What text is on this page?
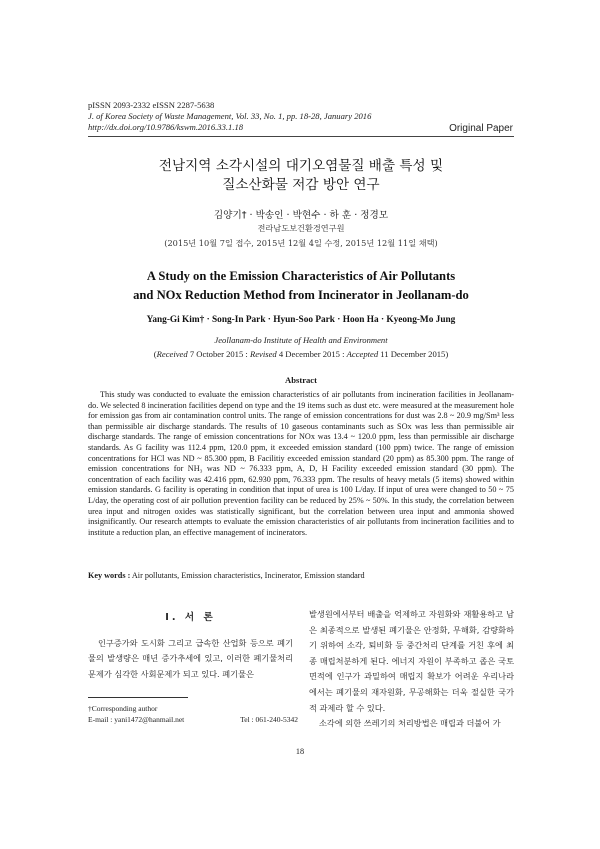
pISSN 2093-2332 eISSN 2287-5638
J. of Korea Society of Waste Management, Vol. 33, No. 1, pp. 18-28, January 2016
http://dx.doi.org/10.9786/kswm.2016.33.1.18	Original Paper
전남지역 소각시설의 대기오염물질 배출 특성 및
질소산화물 저감 방안 연구
김양기† · 박송인 · 박현수 · 하 훈 · 정경모
전라남도보건환경연구원
(2015년 10월 7일 접수, 2015년 12월 4일 수정, 2015년 12월 11일 채택)
A Study on the Emission Characteristics of Air Pollutants
and NOx Reduction Method from Incinerator in Jeollanam-do
Yang-Gi Kim† · Song-In Park · Hyun-Soo Park · Hoon Ha · Kyeong-Mo Jung
Jeollanam-do Institute of Health and Environment
(Received 7 October 2015 : Revised 4 December 2015 : Accepted 11 December 2015)
Abstract

This study was conducted to evaluate the emission characteristics of air pollutants from incineration facilities in Jeollanam-do. We selected 8 incineration facilities depend on type and the 19 items such as dust etc. were measured at the measurement hole for emission gas from air contamination control units. The range of emission concentrations for dust was 2.8 ~ 20.9 mg/Sm³ less than permissible air discharge standards. The results of 10 gaseous contaminants such as SOx was less than permissible air discharge standards. The range of emission concentrations for NOx was 13.4 ~ 120.0 ppm, less than permissible air discharge standards. As G facility was 112.4 ppm, 120.0 ppm, it exceeded emission standard (100 ppm) twice. The range of emission concentrations for HCl was ND ~ 85.300 ppm, B Facilitiy exceeded emission standard (20 ppm) as 85.300 ppm. The range of emission concentrations for NH₃ was ND ~ 76.333 ppm, A, D, H Facility exceeded emission standard (30 ppm). The concentration of each facility was 42.416 ppm, 62.930 ppm, 76.333 ppm. The results of heavy metals (5 items) showed within emission standards. G facility is operating in condition that input of urea is 100 L/day. If input of urea were changed to 50 ~ 75 L/day, the operating cost of air pollution prevention facility can be reduced by 25% ~ 50%. In this study, the correlation between urea input and nitrogen oxides was statistically significant, but the correlation between urea input and ammonia showed insignificantly. Our research attempts to evaluate the emission characteristics of air pollutants from incineration facilities and to institute a reduction plan, an effective management of incinerators.

Key words : Air pollutants, Emission characteristics, Incinerator, Emission standard
I. 서 론

인구증가와 도시화 그리고 급속한 산업화 등으로 폐기물의 발생량은 매년 증가추세에 있고, 이러한 폐기물처리 문제가 심각한 사회문제가 되고 있다. 폐기물은

발생원에서부터 배출을 억제하고 자원화와 재활용하고 남은 최종적으로 발생된 폐기물은 안정화, 무해화, 감량화하기 위하여 소각, 퇴비화 등 중간처리 단계를 거친 후에 최종 매립처분하게 된다. 에너지 자원이 부족하고 좁은 국토 면적에 인구가 과밀하여 매립지 확보가 어려운 우리나라에서는 폐기물의 재자원화, 무공해화는 더욱 절실한 국가적 과제라 할 수 있다.

소각에 의한 쓰레기의 처리방법은 매립과 더불어 가

†Corresponding author
E-mail : yani1472@hanmail.net	Tel : 061-240-5342
18
